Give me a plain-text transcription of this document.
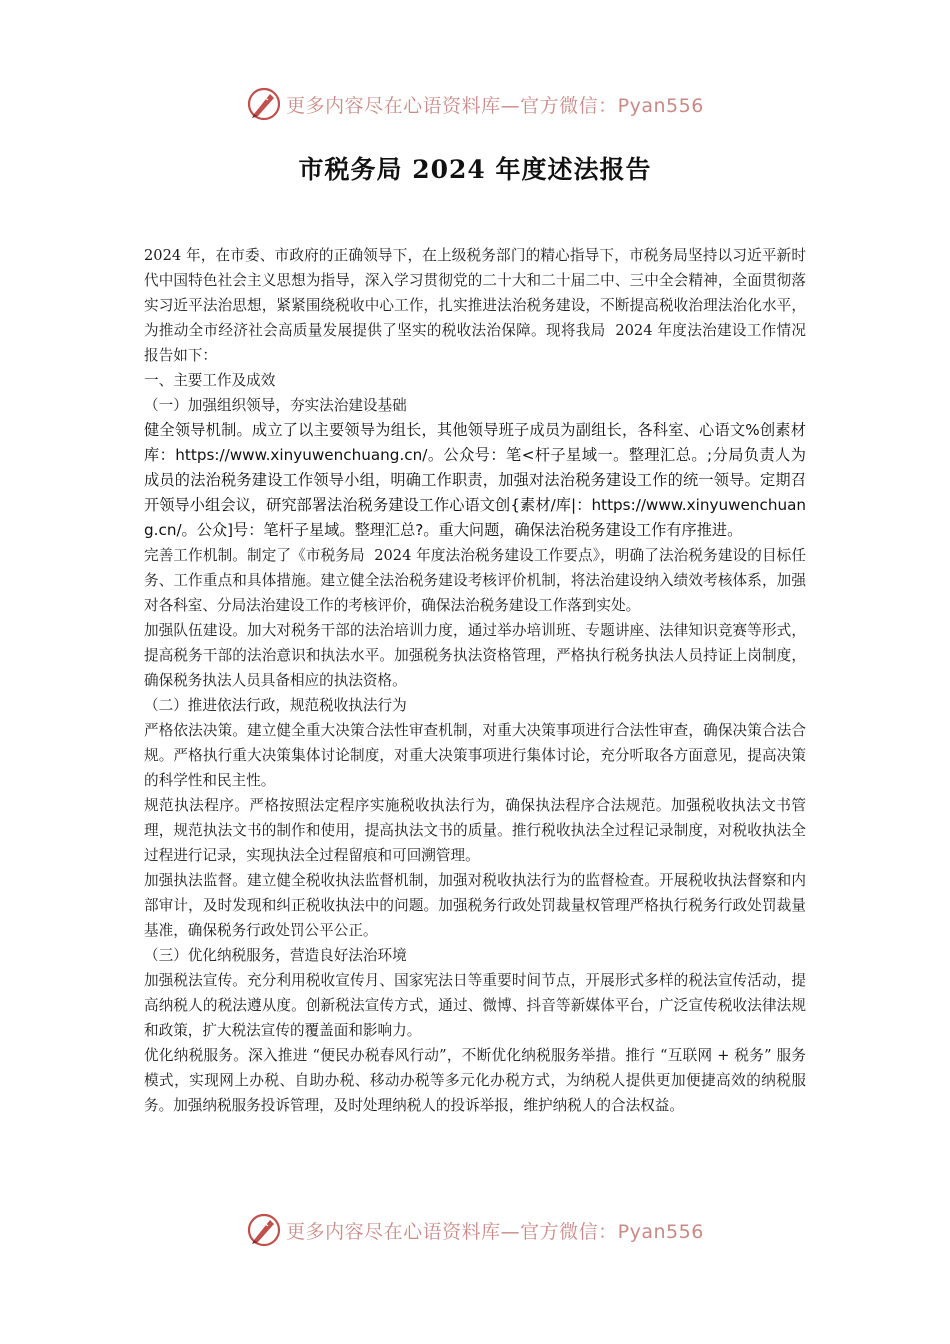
更多内容尽在心语资料库—官方微信：Pyan556
市税务局 2024 年度述法报告

2024 年，在市委、市政府的正确领导下，在上级税务部门的精心指导下，市税务局坚持以习近平新时代中国特色社会主义思想为指导，深入学习贯彻党的二十大和二十届二中、三中全会精神，全面贯彻落实习近平法治思想，紧紧围绕税收中心工作，扎实推进法治税务建设，不断提高税收治理法治化水平，为推动全市经济社会高质量发展提供了坚实的税收法治保障。现将我局  2024 年度法治建设工作情况报告如下：

一、主要工作及成效

（一）加强组织领导，夯实法治建设基础

健全领导机制。成立了以主要领导为组长，其他领导班子成员为副组长，各科室、心语文%创素材库：https://www.xinyuwenchuang.cn/。公众号：笔<杆子星域一。整理汇总。;分局负责人为成员的法治税务建设工作领导小组，明确工作职责，加强对法治税务建设工作的统一领导。定期召开领导小组会议，研究部署法治税务建设工作心语文创{素材/库|：https://www.xinyuwenchuang.cn/。公众]号：笔杆子星域。整理汇总?。重大问题，确保法治税务建设工作有序推进。

完善工作机制。制定了《市税务局  2024 年度法治税务建设工作要点》，明确了法治税务建设的目标任务、工作重点和具体措施。建立健全法治税务建设考核评价机制，将法治建设纳入绩效考核体系，加强对各科室、分局法治建设工作的考核评价，确保法治税务建设工作落到实处。

加强队伍建设。加大对税务干部的法治培训力度，通过举办培训班、专题讲座、法律知识竞赛等形式，提高税务干部的法治意识和执法水平。加强税务执法资格管理，严格执行税务执法人员持证上岗制度，确保税务执法人员具备相应的执法资格。

（二）推进依法行政，规范税收执法行为

严格依法决策。建立健全重大决策合法性审查机制，对重大决策事项进行合法性审查，确保决策合法合规。严格执行重大决策集体讨论制度，对重大决策事项进行集体讨论，充分听取各方面意见，提高决策的科学性和民主性。

规范执法程序。严格按照法定程序实施税收执法行为，确保执法程序合法规范。加强税收执法文书管理，规范执法文书的制作和使用，提高执法文书的质量。推行税收执法全过程记录制度，对税收执法全过程进行记录，实现执法全过程留痕和可回溯管理。

加强执法监督。建立健全税收执法监督机制，加强对税收执法行为的监督检查。开展税收执法督察和内部审计，及时发现和纠正税收执法中的问题。加强税务行政处罚裁量权管理严格执行税务行政处罚裁量基准，确保税务行政处罚公平公正。

（三）优化纳税服务，营造良好法治环境

加强税法宣传。充分利用税收宣传月、国家宪法日等重要时间节点，开展形式多样的税法宣传活动，提高纳税人的税法遵从度。创新税法宣传方式，通过、微博、抖音等新媒体平台，广泛宣传税收法律法规和政策，扩大税法宣传的覆盖面和影响力。

优化纳税服务。深入推进 “便民办税春风行动”，不断优化纳税服务举措。推行 “互联网 + 税务” 服务模式，实现网上办税、自助办税、移动办税等多元化办税方式，为纳税人提供更加便捷高效的纳税服务。加强纳税服务投诉管理，及时处理纳税人的投诉举报，维护纳税人的合法权益。

更多内容尽在心语资料库—官方微信：Pyan556
